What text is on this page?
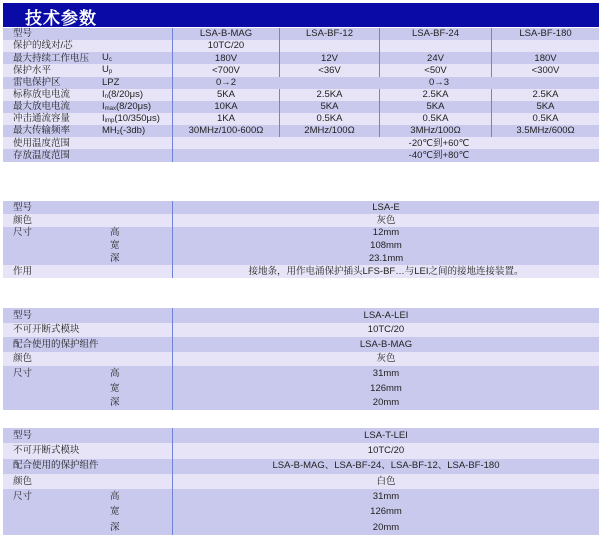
技术参数
型号	LSA-B-MAG	LSA-BF-12	LSA-BF-24	LSA-BF-180
保护的线对/芯	10TC/20
最大持续工作电压	$U_c$	180V	12V	24V	180V
保护水平	$U_p$	<700V	<36V	<50V	<300V
雷电保护区	LPZ	0→2	0→3
标称放电电流	$I_n(8/20\mu s)$	5KA	2.5KA	2.5KA	2.5KA
最大放电电流	$I_{max}(8/20\mu s)$	10KA	5KA	5KA	5KA
冲击通流容量	$I_{imp}(10/350\mu s)$	1KA	0.5KA	0.5KA	0.5KA
最大传输频率	$MH_z(-3db)$	30MHz/100-600Ω	2MHz/100Ω	3MHz/100Ω	3.5MHz/600Ω
使用温度范围	-20℃到+60℃
存放温度范围	-40℃到+80℃
型号	LSA-E
颜色	灰色
尺寸	高	12mm
宽	108mm
深	23.1mm
作用	接地条，用作电涌保护插头LFS-BF…与LEI之间的接地连接装置。
型号	LSA-A-LEI
不可开断式模块	10TC/20
配合使用的保护组件	LSA-B-MAG
颜色	灰色
尺寸	高	31mm
宽	126mm
深	20mm
型号	LSA-T-LEI
不可开断式模块	10TC/20
配合使用的保护组件	LSA-B-MAG、LSA-BF-24、LSA-BF-12、LSA-BF-180
颜色	白色
尺寸	高	31mm
宽	126mm
深	20mm
